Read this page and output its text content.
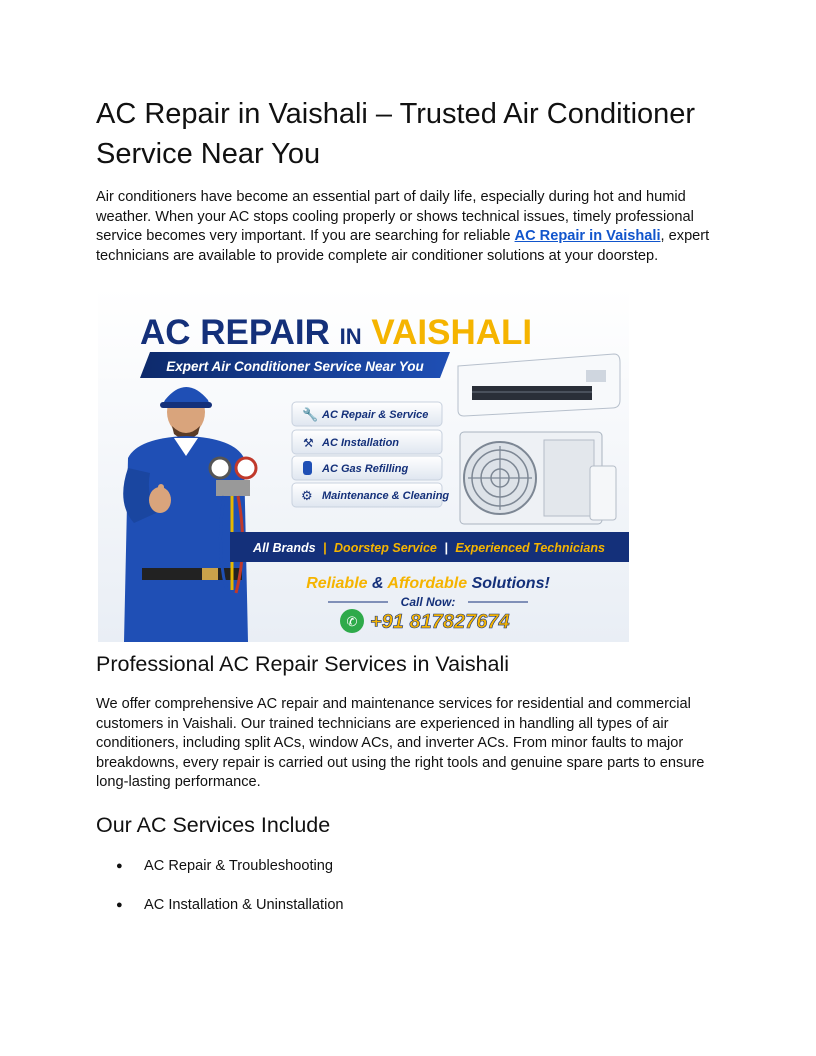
AC Repair in Vaishali – Trusted Air Conditioner Service Near You

Air conditioners have become an essential part of daily life, especially during hot and humid weather. When your AC stops cooling properly or shows technical issues, timely professional service becomes very important. If you are searching for reliable AC Repair in Vaishali, expert technicians are available to provide complete air conditioner solutions at your doorstep.

AC REPAIR IN VAISHALI
Expert Air Conditioner Service Near You
🔧 AC Repair & Service
⚒ AC Installation
AC Gas Refilling
⚙ Maintenance & Cleaning
All Brands | Doorstep Service | Experienced Technicians
Reliable & Affordable Solutions!
Call Now:
✆ +91 817827674
Professional AC Repair Services in Vaishali

We offer comprehensive AC repair and maintenance services for residential and commercial customers in Vaishali. Our trained technicians are experienced in handling all types of air conditioners, including split ACs, window ACs, and inverter ACs. From minor faults to major breakdowns, every repair is carried out using the right tools and genuine spare parts to ensure long-lasting performance.

Our AC Services Include
● AC Repair & Troubleshooting
● AC Installation & Uninstallation
